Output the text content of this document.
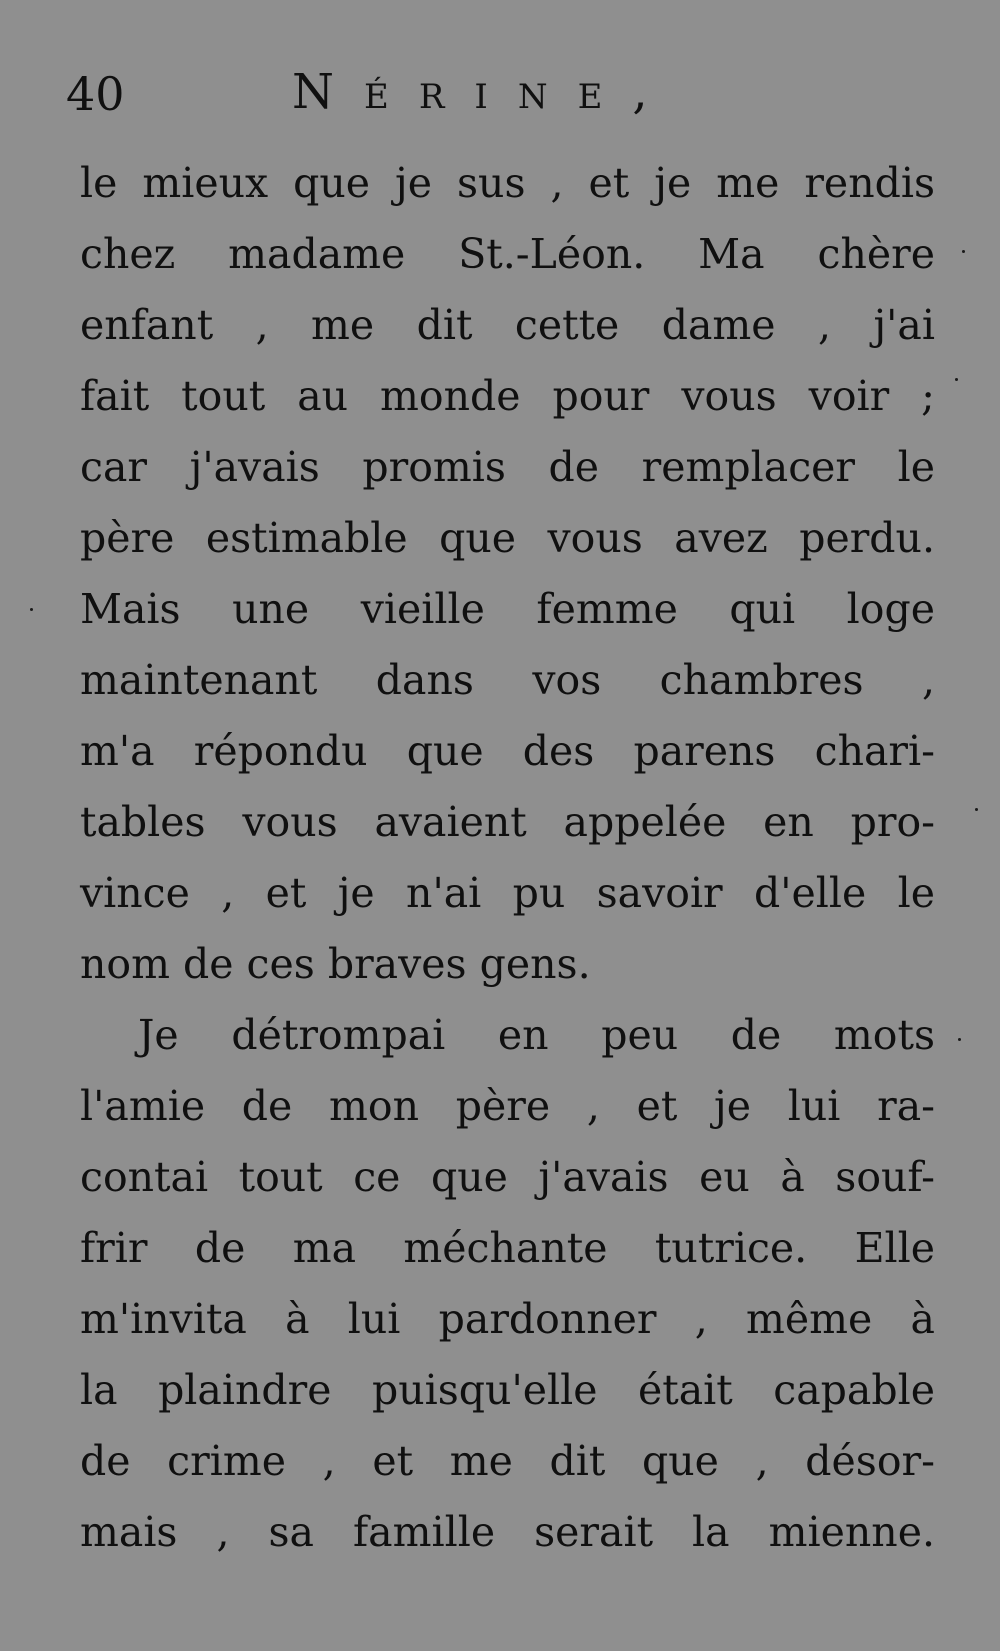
40	Nérine,
le mieux que je sus , et je me rendis
chez madame St.-Léon. Ma chère
enfant , me dit cette dame , j'ai
fait tout au monde pour vous voir ;
car j'avais promis de remplacer le
père estimable que vous avez perdu.
Mais une vieille femme qui loge
maintenant dans vos chambres ,
m'a répondu que des parens chari-
tables vous avaient appelée en pro-
vince , et je n'ai pu savoir d'elle le
nom de ces braves gens.
Je détrompai en peu de mots
l'amie de mon père , et je lui ra-
contai tout ce que j'avais eu à souf-
frir de ma méchante tutrice. Elle
m'invita à lui pardonner , même à
la plaindre puisqu'elle était capable
de crime , et me dit que , désor-
mais , sa famille serait la mienne.
